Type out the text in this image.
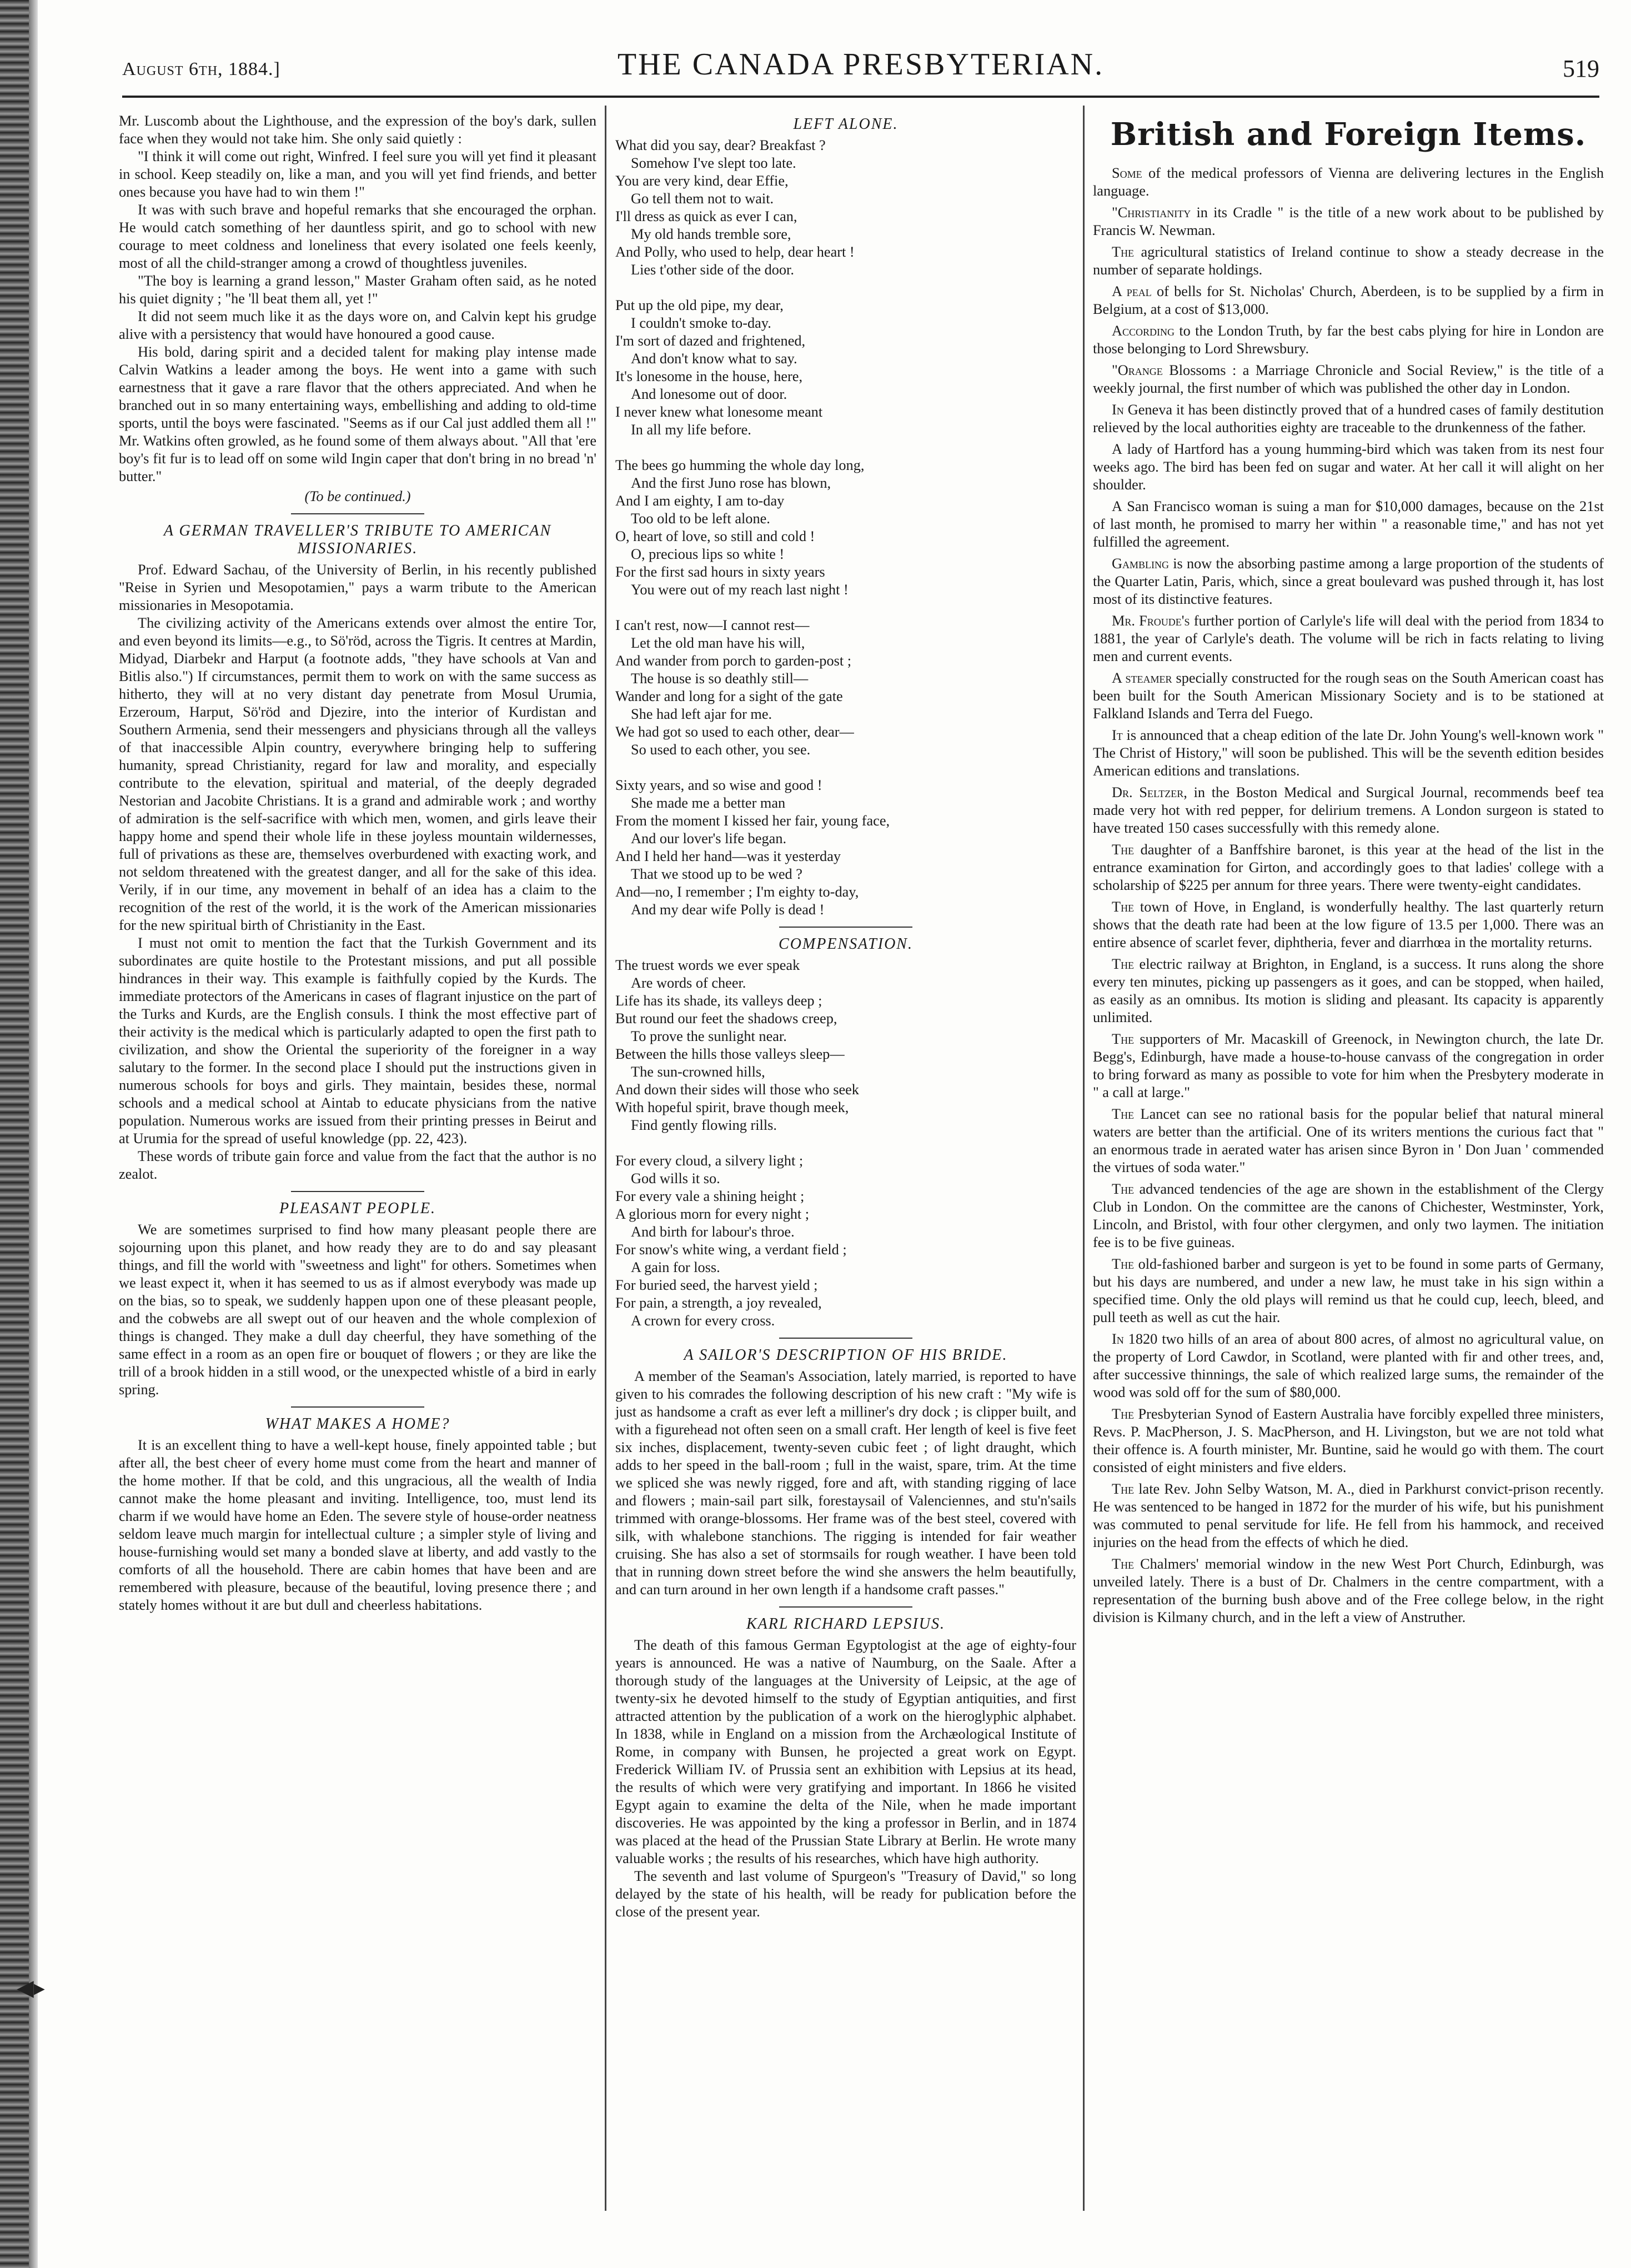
◀▸
August 6th, 1884.]	THE CANADA PRESBYTERIAN.	519

Mr. Luscomb about the Lighthouse, and the expression of the boy's dark, sullen face when they would not take him. She only said quietly :

"I think it will come out right, Winfred. I feel sure you will yet find it pleasant in school. Keep steadily on, like a man, and you will yet find friends, and better ones because you have had to win them !"

It was with such brave and hopeful remarks that she encouraged the orphan. He would catch something of her dauntless spirit, and go to school with new courage to meet coldness and loneliness that every isolated one feels keenly, most of all the child-stranger among a crowd of thoughtless juveniles.

"The boy is learning a grand lesson," Master Graham often said, as he noted his quiet dignity ; "he 'll beat them all, yet !"

It did not seem much like it as the days wore on, and Calvin kept his grudge alive with a persistency that would have honoured a good cause.

His bold, daring spirit and a decided talent for making play intense made Calvin Watkins a leader among the boys. He went into a game with such earnestness that it gave a rare flavor that the others appreciated. And when he branched out in so many entertaining ways, embellishing and adding to old-time sports, until the boys were fascinated. "Seems as if our Cal just addled them all !" Mr. Watkins often growled, as he found some of them always about. "All that 'ere boy's fit fur is to lead off on some wild Ingin caper that don't bring in no bread 'n' butter."

(To be continued.)
A GERMAN TRAVELLER'S TRIBUTE TO AMERICAN MISSIONARIES.

Prof. Edward Sachau, of the University of Berlin, in his recently published "Reise in Syrien und Mesopotamien," pays a warm tribute to the American missionaries in Mesopotamia.

The civilizing activity of the Americans extends over almost the entire Tor, and even beyond its limits—e.g., to Sö'röd, across the Tigris. It centres at Mardin, Midyad, Diarbekr and Harput (a footnote adds, "they have schools at Van and Bitlis also.") If circumstances, permit them to work on with the same success as hitherto, they will at no very distant day penetrate from Mosul Urumia, Erzeroum, Harput, Sö'röd and Djezire, into the interior of Kurdistan and Southern Armenia, send their messengers and physicians through all the valleys of that inaccessible Alpin country, everywhere bringing help to suffering humanity, spread Christianity, regard for law and morality, and especially contribute to the elevation, spiritual and material, of the deeply degraded Nestorian and Jacobite Christians. It is a grand and admirable work ; and worthy of admiration is the self-sacrifice with which men, women, and girls leave their happy home and spend their whole life in these joyless mountain wildernesses, full of privations as these are, themselves overburdened with exacting work, and not seldom threatened with the greatest danger, and all for the sake of this idea. Verily, if in our time, any movement in behalf of an idea has a claim to the recognition of the rest of the world, it is the work of the American missionaries for the new spiritual birth of Christianity in the East.

I must not omit to mention the fact that the Turkish Government and its subordinates are quite hostile to the Protestant missions, and put all possible hindrances in their way. This example is faithfully copied by the Kurds. The immediate protectors of the Americans in cases of flagrant injustice on the part of the Turks and Kurds, are the English consuls. I think the most effective part of their activity is the medical which is particularly adapted to open the first path to civilization, and show the Oriental the superiority of the foreigner in a way salutary to the former. In the second place I should put the instructions given in numerous schools for boys and girls. They maintain, besides these, normal schools and a medical school at Aintab to educate physicians from the native population. Numerous works are issued from their printing presses in Beirut and at Urumia for the spread of useful knowledge (pp. 22, 423).

These words of tribute gain force and value from the fact that the author is no zealot.

PLEASANT PEOPLE.

We are sometimes surprised to find how many pleasant people there are sojourning upon this planet, and how ready they are to do and say pleasant things, and fill the world with "sweetness and light" for others. Sometimes when we least expect it, when it has seemed to us as if almost everybody was made up on the bias, so to speak, we suddenly happen upon one of these pleasant people, and the cobwebs are all swept out of our heaven and the whole complexion of things is changed. They make a dull day cheerful, they have something of the same effect in a room as an open fire or bouquet of flowers ; or they are like the trill of a brook hidden in a still wood, or the unexpected whistle of a bird in early spring.

WHAT MAKES A HOME?

It is an excellent thing to have a well-kept house, finely appointed table ; but after all, the best cheer of every home must come from the heart and manner of the home mother. If that be cold, and this ungracious, all the wealth of India cannot make the home pleasant and inviting. Intelligence, too, must lend its charm if we would have home an Eden. The severe style of house-order neatness seldom leave much margin for intellectual culture ; a simpler style of living and house-furnishing would set many a bonded slave at liberty, and add vastly to the comforts of all the household. There are cabin homes that have been and are remembered with pleasure, because of the beautiful, loving presence there ; and stately homes without it are but dull and cheerless habitations.

LEFT ALONE.
What did you say, dear? Breakfast ?
Somehow I've slept too late.
You are very kind, dear Effie,
Go tell them not to wait.
I'll dress as quick as ever I can,
My old hands tremble sore,
And Polly, who used to help, dear heart !
Lies t'other side of the door.
Put up the old pipe, my dear,
I couldn't smoke to-day.
I'm sort of dazed and frightened,
And don't know what to say.
It's lonesome in the house, here,
And lonesome out of door.
I never knew what lonesome meant
In all my life before.
The bees go humming the whole day long,
And the first Juno rose has blown,
And I am eighty, I am to-day
Too old to be left alone.
O, heart of love, so still and cold !
O, precious lips so white !
For the first sad hours in sixty years
You were out of my reach last night !
I can't rest, now—I cannot rest—
Let the old man have his will,
And wander from porch to garden-post ;
The house is so deathly still—
Wander and long for a sight of the gate
She had left ajar for me.
We had got so used to each other, dear—
So used to each other, you see.
Sixty years, and so wise and good !
She made me a better man
From the moment I kissed her fair, young face,
And our lover's life began.
And I held her hand—was it yesterday
That we stood up to be wed ?
And—no, I remember ; I'm eighty to-day,
And my dear wife Polly is dead !
COMPENSATION.
The truest words we ever speak
Are words of cheer.
Life has its shade, its valleys deep ;
But round our feet the shadows creep,
To prove the sunlight near.
Between the hills those valleys sleep—
The sun-crowned hills,
And down their sides will those who seek
With hopeful spirit, brave though meek,
Find gently flowing rills.
For every cloud, a silvery light ;
God wills it so.
For every vale a shining height ;
A glorious morn for every night ;
And birth for labour's throe.
For snow's white wing, a verdant field ;
A gain for loss.
For buried seed, the harvest yield ;
For pain, a strength, a joy revealed,
A crown for every cross.
A SAILOR'S DESCRIPTION OF HIS BRIDE.

A member of the Seaman's Association, lately married, is reported to have given to his comrades the following description of his new craft : "My wife is just as handsome a craft as ever left a milliner's dry dock ; is clipper built, and with a figurehead not often seen on a small craft. Her length of keel is five feet six inches, displacement, twenty-seven cubic feet ; of light draught, which adds to her speed in the ball-room ; full in the waist, spare, trim. At the time we spliced she was newly rigged, fore and aft, with standing rigging of lace and flowers ; main-sail part silk, forestaysail of Valenciennes, and stu'n'sails trimmed with orange-blossoms. Her frame was of the best steel, covered with silk, with whalebone stanchions. The rigging is intended for fair weather cruising. She has also a set of stormsails for rough weather. I have been told that in running down street before the wind she answers the helm beautifully, and can turn around in her own length if a handsome craft passes."

KARL RICHARD LEPSIUS.

The death of this famous German Egyptologist at the age of eighty-four years is announced. He was a native of Naumburg, on the Saale. After a thorough study of the languages at the University of Leipsic, at the age of twenty-six he devoted himself to the study of Egyptian antiquities, and first attracted attention by the publication of a work on the hieroglyphic alphabet. In 1838, while in England on a mission from the Archæological Institute of Rome, in company with Bunsen, he projected a great work on Egypt. Frederick William IV. of Prussia sent an exhibition with Lepsius at its head, the results of which were very gratifying and important. In 1866 he visited Egypt again to examine the delta of the Nile, when he made important discoveries. He was appointed by the king a professor in Berlin, and in 1874 was placed at the head of the Prussian State Library at Berlin. He wrote many valuable works ; the results of his researches, which have high authority.

The seventh and last volume of Spurgeon's "Treasury of David," so long delayed by the state of his health, will be ready for publication before the close of the present year.

British and Foreign Items.

Some of the medical professors of Vienna are delivering lectures in the English language.

"Christianity in its Cradle " is the title of a new work about to be published by Francis W. Newman.

The agricultural statistics of Ireland continue to show a steady decrease in the number of separate holdings.

A peal of bells for St. Nicholas' Church, Aberdeen, is to be supplied by a firm in Belgium, at a cost of $13,000.

According to the London Truth, by far the best cabs plying for hire in London are those belonging to Lord Shrewsbury.

"Orange Blossoms : a Marriage Chronicle and Social Review," is the title of a weekly journal, the first number of which was published the other day in London.

In Geneva it has been distinctly proved that of a hundred cases of family destitution relieved by the local authorities eighty are traceable to the drunkenness of the father.

A lady of Hartford has a young humming-bird which was taken from its nest four weeks ago. The bird has been fed on sugar and water. At her call it will alight on her shoulder.

A San Francisco woman is suing a man for $10,000 damages, because on the 21st of last month, he promised to marry her within " a reasonable time," and has not yet fulfilled the agreement.

Gambling is now the absorbing pastime among a large proportion of the students of the Quarter Latin, Paris, which, since a great boulevard was pushed through it, has lost most of its distinctive features.

Mr. Froude's further portion of Carlyle's life will deal with the period from 1834 to 1881, the year of Carlyle's death. The volume will be rich in facts relating to living men and current events.

A steamer specially constructed for the rough seas on the South American coast has been built for the South American Missionary Society and is to be stationed at Falkland Islands and Terra del Fuego.

It is announced that a cheap edition of the late Dr. John Young's well-known work " The Christ of History," will soon be published. This will be the seventh edition besides American editions and translations.

Dr. Seltzer, in the Boston Medical and Surgical Journal, recommends beef tea made very hot with red pepper, for delirium tremens. A London surgeon is stated to have treated 150 cases successfully with this remedy alone.

The daughter of a Banffshire baronet, is this year at the head of the list in the entrance examination for Girton, and accordingly goes to that ladies' college with a scholarship of $225 per annum for three years. There were twenty-eight candidates.

The town of Hove, in England, is wonderfully healthy. The last quarterly return shows that the death rate had been at the low figure of 13.5 per 1,000. There was an entire absence of scarlet fever, diphtheria, fever and diarrhœa in the mortality returns.

The electric railway at Brighton, in England, is a success. It runs along the shore every ten minutes, picking up passengers as it goes, and can be stopped, when hailed, as easily as an omnibus. Its motion is sliding and pleasant. Its capacity is apparently unlimited.

The supporters of Mr. Macaskill of Greenock, in Newington church, the late Dr. Begg's, Edinburgh, have made a house-to-house canvass of the congregation in order to bring forward as many as possible to vote for him when the Presbytery moderate in " a call at large."

The Lancet can see no rational basis for the popular belief that natural mineral waters are better than the artificial. One of its writers mentions the curious fact that " an enormous trade in aerated water has arisen since Byron in ' Don Juan ' commended the virtues of soda water."

The advanced tendencies of the age are shown in the establishment of the Clergy Club in London. On the committee are the canons of Chichester, Westminster, York, Lincoln, and Bristol, with four other clergymen, and only two laymen. The initiation fee is to be five guineas.

The old-fashioned barber and surgeon is yet to be found in some parts of Germany, but his days are numbered, and under a new law, he must take in his sign within a specified time. Only the old plays will remind us that he could cup, leech, bleed, and pull teeth as well as cut the hair.

In 1820 two hills of an area of about 800 acres, of almost no agricultural value, on the property of Lord Cawdor, in Scotland, were planted with fir and other trees, and, after successive thinnings, the sale of which realized large sums, the remainder of the wood was sold off for the sum of $80,000.

The Presbyterian Synod of Eastern Australia have forcibly expelled three ministers, Revs. P. MacPherson, J. S. MacPherson, and H. Livingston, but we are not told what their offence is. A fourth minister, Mr. Buntine, said he would go with them. The court consisted of eight ministers and five elders.

The late Rev. John Selby Watson, M. A., died in Parkhurst convict-prison recently. He was sentenced to be hanged in 1872 for the murder of his wife, but his punishment was commuted to penal servitude for life. He fell from his hammock, and received injuries on the head from the effects of which he died.

The Chalmers' memorial window in the new West Port Church, Edinburgh, was unveiled lately. There is a bust of Dr. Chalmers in the centre compartment, with a representation of the burning bush above and of the Free college below, in the right division is Kilmany church, and in the left a view of Anstruther.
